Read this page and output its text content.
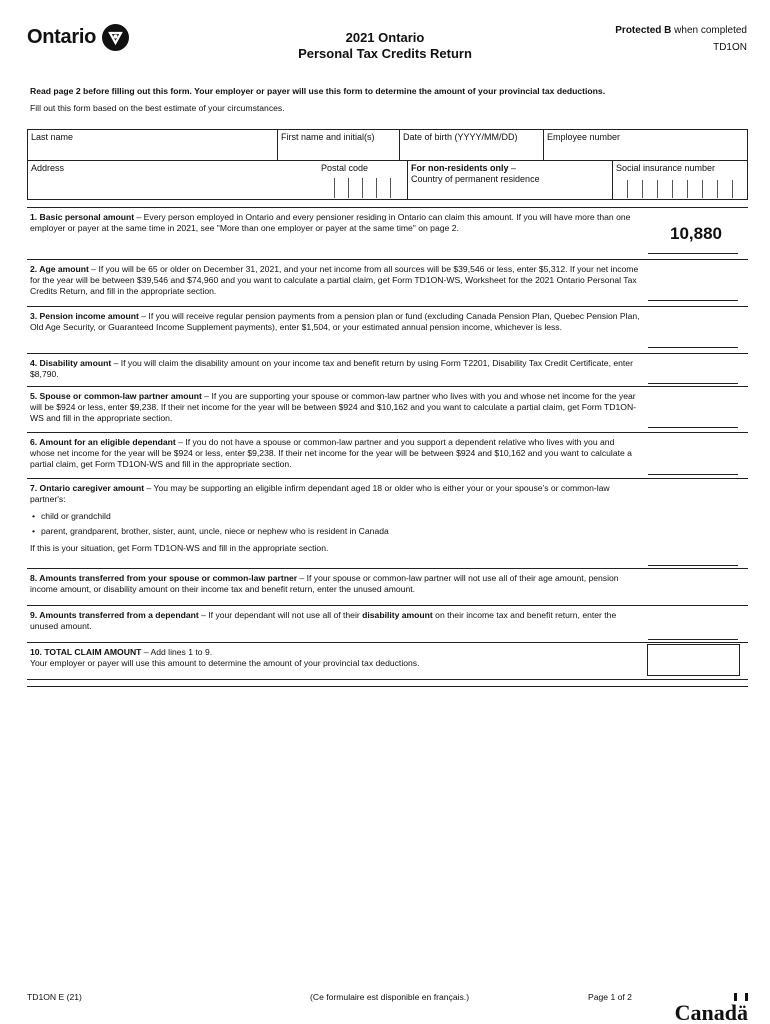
Ontario	2021 Ontario
Personal Tax Credits Return
Protected B when completed
TD1ON
Read page 2 before filling out this form. Your employer or payer will use this form to determine the amount of your provincial tax deductions.
Fill out this form based on the best estimate of your circumstances.
Last name	First name and initial(s)	Date of birth (YYYY/MM/DD)	Employee number
Address	Postal code	For non-residents only –
Country of permanent residence
Social insurance number
1. Basic personal amount – Every person employed in Ontario and every pensioner residing in Ontario can claim this amount. If you will have more than one employer or payer at the same time in 2021, see "More than one employer or payer at the same time" on page 2.	10,880
2. Age amount – If you will be 65 or older on December 31, 2021, and your net income from all sources will be $39,546 or less, enter $5,312. If your net income for the year will be between $39,546 and $74,960 and you want to calculate a partial claim, get Form TD1ON-WS, Worksheet for the 2021 Ontario Personal Tax Credits Return, and fill in the appropriate section.
3. Pension income amount – If you will receive regular pension payments from a pension plan or fund (excluding Canada Pension Plan, Quebec Pension Plan, Old Age Security, or Guaranteed Income Supplement payments), enter $1,504, or your estimated annual pension income, whichever is less.
4. Disability amount – If you will claim the disability amount on your income tax and benefit return by using Form T2201, Disability Tax Credit Certificate, enter $8,790.
5. Spouse or common-law partner amount – If you are supporting your spouse or common-law partner who lives with you and whose net income for the year will be $924 or less, enter $9,238. If their net income for the year will be between $924 and $10,162 and you want to calculate a partial claim, get Form TD1ON-WS and fill in the appropriate section.
6. Amount for an eligible dependant – If you do not have a spouse or common-law partner and you support a dependent relative who lives with you and whose net income for the year will be $924 or less, enter $9,238. If their net income for the year will be between $924 and $10,162 and you want to calculate a partial claim, get Form TD1ON-WS and fill in the appropriate section.
7. Ontario caregiver amount – You may be supporting an eligible infirm dependant aged 18 or older who is either your or your spouse's or common-law partner's:
• child or grandchild
• parent, grandparent, brother, sister, aunt, uncle, niece or nephew who is resident in Canada
If this is your situation, get Form TD1ON-WS and fill in the appropriate section.
8. Amounts transferred from your spouse or common-law partner – If your spouse or common-law partner will not use all of their age amount, pension income amount, or disability amount on their income tax and benefit return, enter the unused amount.
9. Amounts transferred from a dependant – If your dependant will not use all of their disability amount on their income tax and benefit return, enter the unused amount.
10. TOTAL CLAIM AMOUNT – Add lines 1 to 9.
Your employer or payer will use this amount to determine the amount of your provincial tax deductions.
TD1ON E (21)	(Ce formulaire est disponible en français.)	Page 1 of 2
Canadä
